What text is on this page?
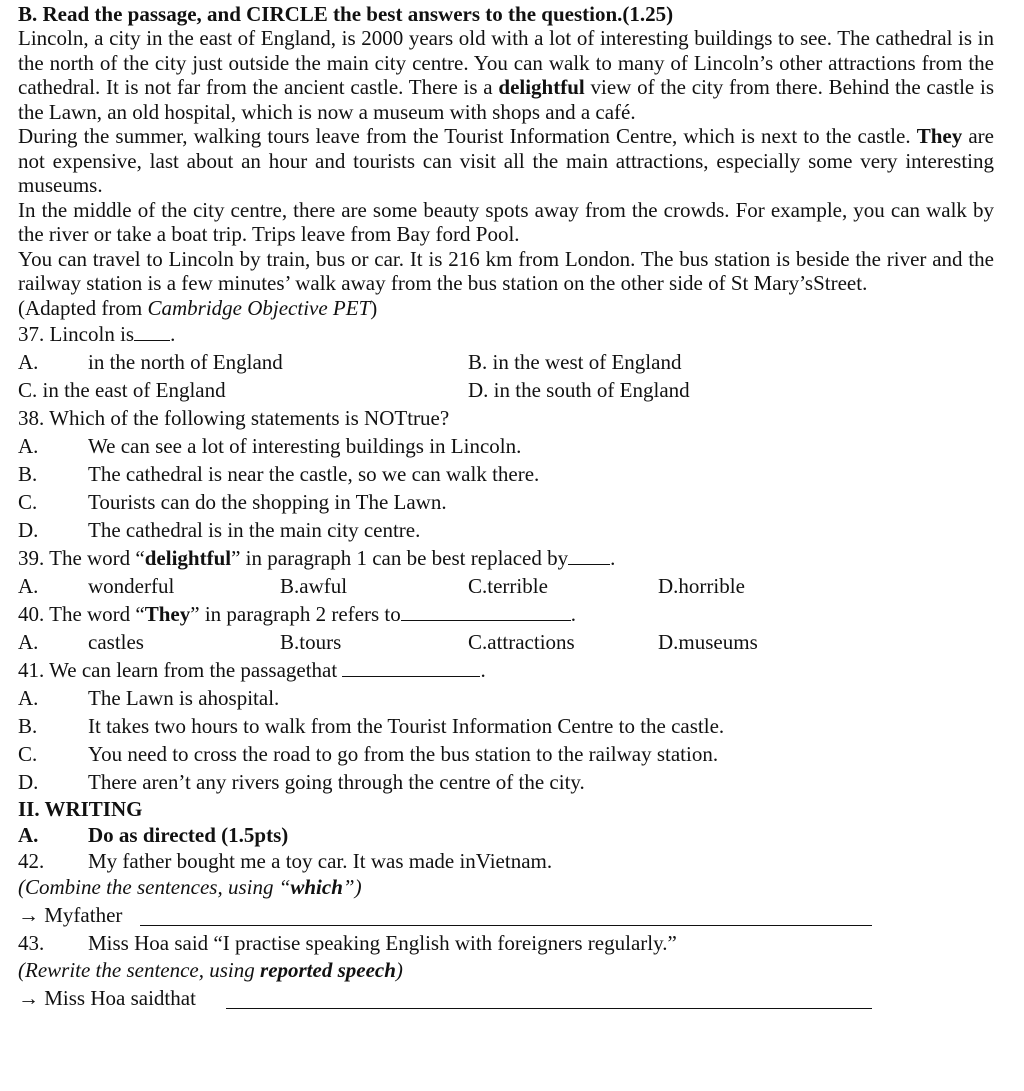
B. Read the passage, and CIRCLE the best answers to the question.(1.25)

Lincoln, a city in the east of England, is 2000 years old with a lot of interesting buildings to see. The cathedral is in the north of the city just outside the main city centre. You can walk to many of Lincoln’s other attractions from the cathedral. It is not far from the ancient castle. There is a delightful view of the city from there. Behind the castle is the Lawn, an old hospital, which is now a museum with shops and a café.

During the summer, walking tours leave from the Tourist Information Centre, which is next to the castle. They are not expensive, last about an hour and tourists can visit all the main attractions, especially some very interesting museums.

In the middle of the city centre, there are some beauty spots away from the crowds. For example, you can walk by the river or take a boat trip. Trips leave from Bay ford Pool.

You can travel to Lincoln by train, bus or car. It is 216 km from London. The bus station is beside the river and the railway station is a few minutes’ walk away from the bus station on the other side of St Mary’sStreet.

(Adapted from Cambridge Objective PET)

37. Lincoln is .
A. in the north of England	B. in the west of England
C. in the east of England	D. in the south of England
38. Which of the following statements is NOTtrue?
A. We can see a lot of interesting buildings in Lincoln.
B. The cathedral is near the castle, so we can walk there.
C. Tourists can do the shopping in The Lawn.
D. The cathedral is in the main city centre.
39. The word “delightful” in paragraph 1 can be best replaced by .
A. wonderful	B.awful	C.terrible	D.horrible
40. The word “They” in paragraph 2 refers to	.
A. castles	B.tours	C.attractions	D.museums
41. We can learn from the passagethat	.
A. The Lawn is ahospital.
B. It takes two hours to walk from the Tourist Information Centre to the castle.
C. You need to cross the road to go from the bus station to the railway station.
D. There aren’t any rivers going through the centre of the city.
II. WRITING
A. Do as directed (1.5pts)
42. My father bought me a toy car. It was made inVietnam.
(Combine the sentences, using “which”)
→ Myfather
43. Miss Hoa said “I practise speaking English with foreigners regularly.”
(Rewrite the sentence, using reported speech)
→ Miss Hoa saidthat
